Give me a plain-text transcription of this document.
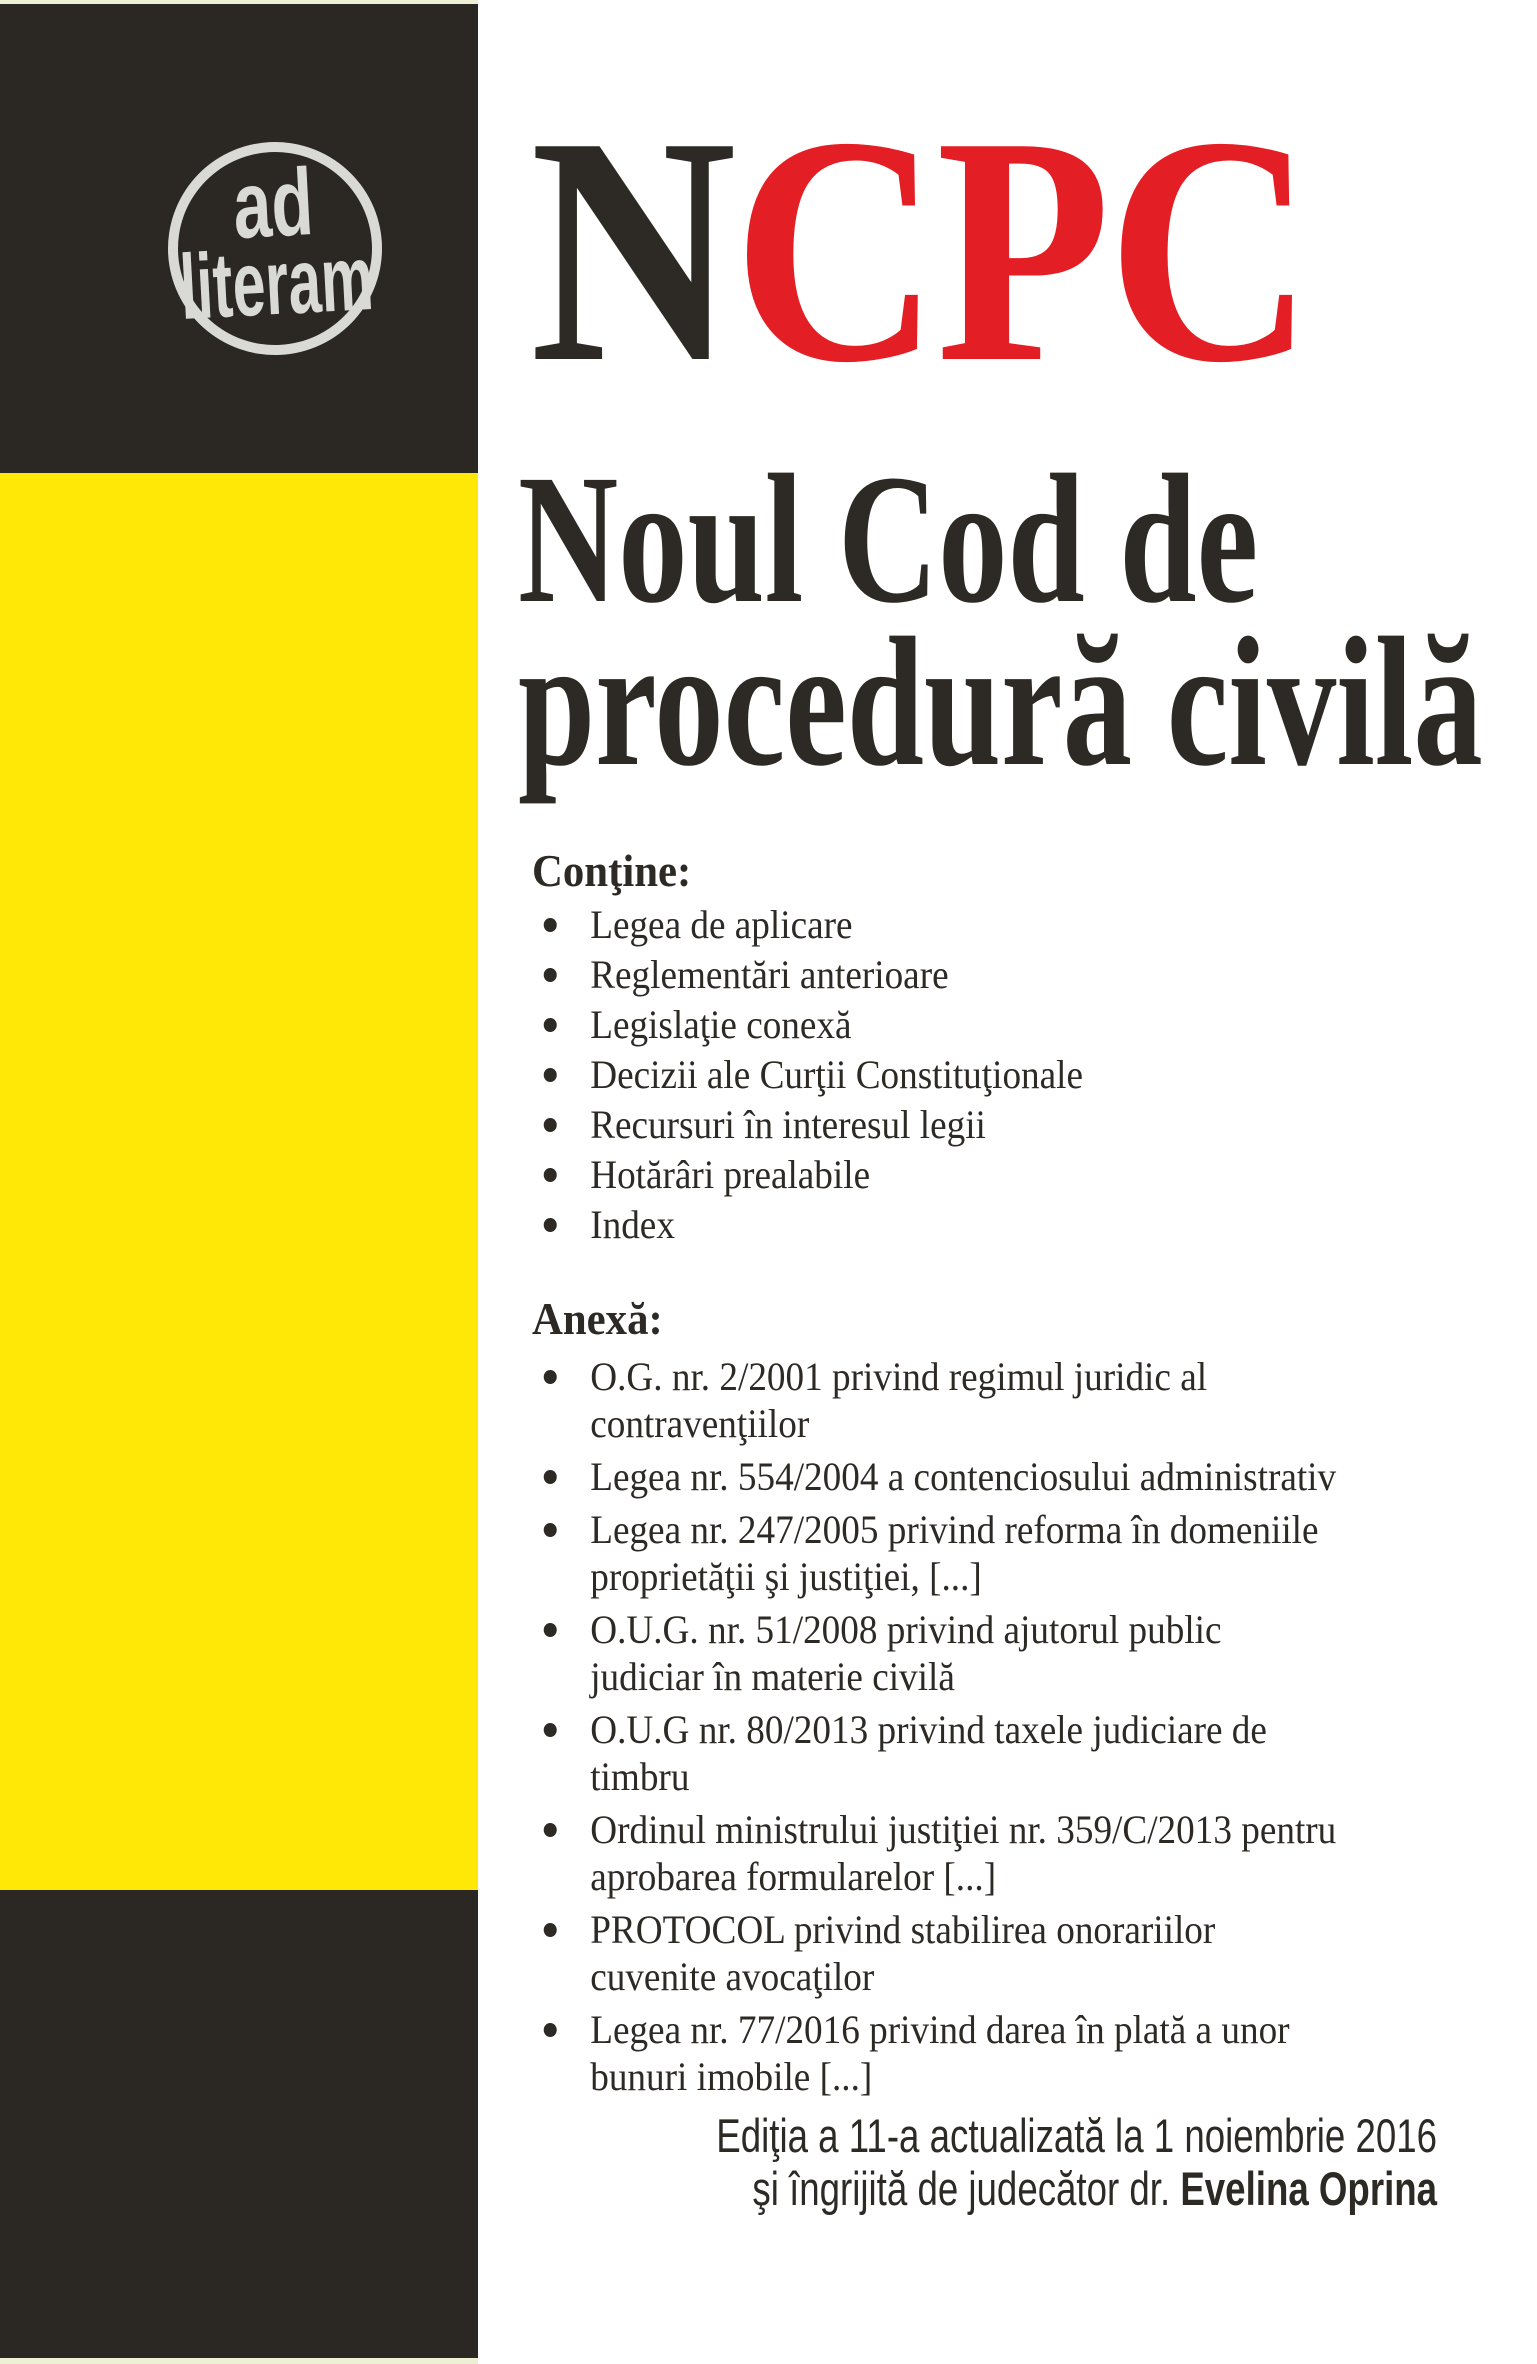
ad
literam NCPC
Noul Cod de
procedură civilă
Conţine:
Legea de aplicare
Reglementări anterioare
Legislaţie conexă
Decizii ale Curţii Constituţionale
Recursuri în interesul legii
Hotărâri prealabile
Index
Anexă:
O.G. nr. 2/2001 privind regimul juridic al
contravenţiilor
Legea nr. 554/2004 a contenciosului administrativ
Legea nr. 247/2005 privind reforma în domeniile
proprietăţii şi justiţiei, [...]
O.U.G. nr. 51/2008 privind ajutorul public
judiciar în materie civilă
O.U.G nr. 80/2013 privind taxele judiciare de
timbru
Ordinul ministrului justiţiei nr. 359/C/2013 pentru
aprobarea formularelor [...]
PROTOCOL privind stabilirea onorariilor
cuvenite avocaţilor
Legea nr. 77/2016 privind darea în plată a unor
bunuri imobile [...]
Ediţia a 11-a actualizată la 1 noiembrie 2016
şi îngrijită de judecător dr. Evelina Oprina
